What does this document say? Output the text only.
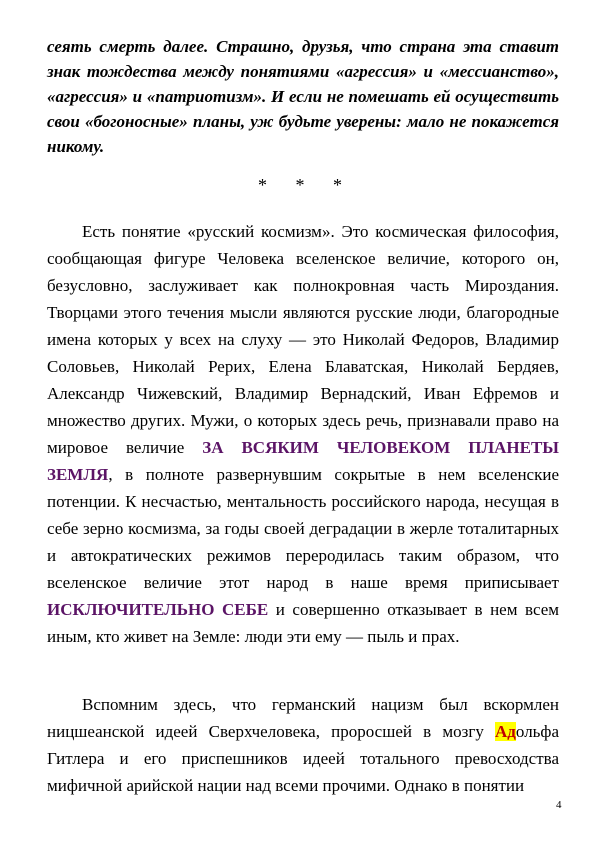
сеять смерть далее. Страшно, друзья, что страна эта ставит знак тождества между понятиями «агрессия» и «мессианство», «агрессия» и «патриотизм». И если не помешать ей осуществить свои «богоносные» планы, уж будьте уверены: мало не покажется никому.
* * *
Есть понятие «русский космизм». Это космическая философия, сообщающая фигуре Человека вселенское величие, которого он, безусловно, заслуживает как полнокровная часть Мироздания. Творцами этого течения мысли являются русские люди, благородные имена которых у всех на слуху — это Николай Федоров, Владимир Соловьев, Николай Рерих, Елена Блаватская, Николай Бердяев, Александр Чижевский, Владимир Вернадский, Иван Ефремов и множество других. Мужи, о которых здесь речь, признавали право на мировое величие ЗА ВСЯКИМ ЧЕЛОВЕКОМ ПЛАНЕТЫ ЗЕМЛЯ, в полноте развернувшим сокрытые в нем вселенские потенции. К несчастью, ментальность российского народа, несущая в себе зерно космизма, за годы своей деградации в жерле тоталитарных и автократических режимов переродилась таким образом, что вселенское величие этот народ в наше время приписывает ИСКЛЮЧИТЕЛЬНО СЕБЕ и совершенно отказывает в нем всем иным, кто живет на Земле: люди эти ему — пыль и прах.
Вспомним здесь, что германский нацизм был вскормлен ницшеанской идеей Сверхчеловека, проросшей в мозгу Адольфа Гитлера и его приспешников идеей тотального превосходства мифичной арийской нации над всеми прочими. Однако в понятии
4
